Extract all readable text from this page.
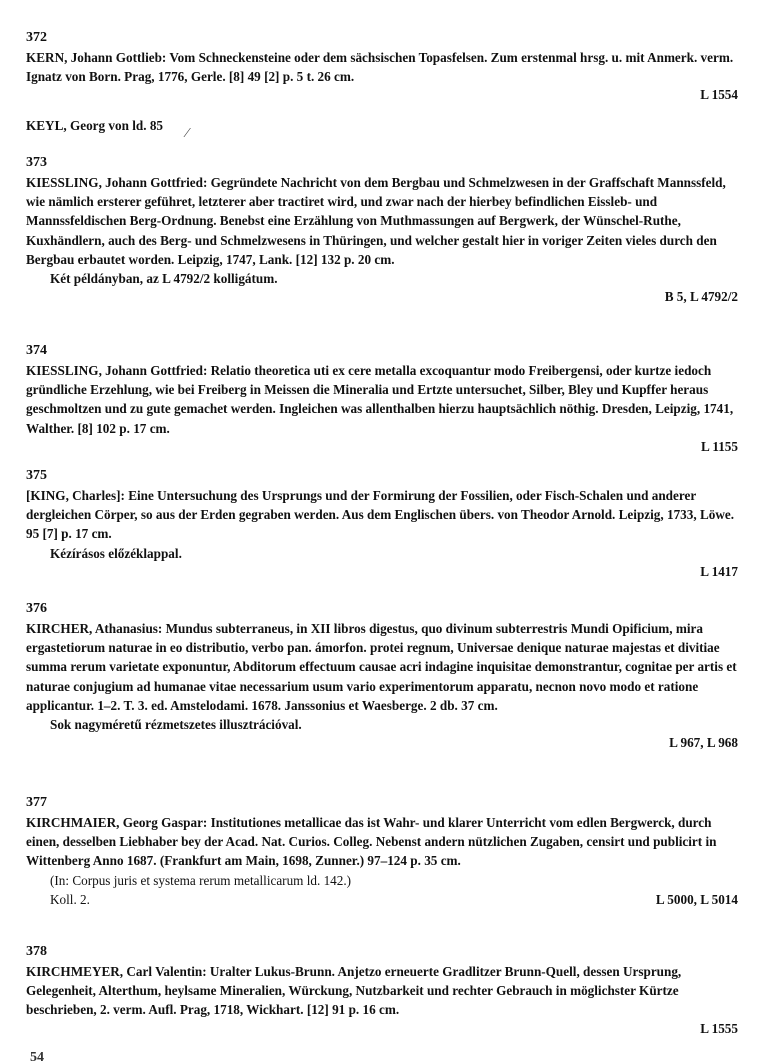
372

KERN, Johann Gottlieb: Vom Schneckensteine oder dem sächsischen Topasfelsen. Zum erstenmal hrsg. u. mit Anmerk. verm. Ignatz von Born. Prag, 1776, Gerle. [8] 49 [2] p. 5 t. 26 cm.

L 1554

KEYL, Georg von ld. 85
⁄

373

KIESSLING, Johann Gottfried: Gegründete Nachricht von dem Bergbau und Schmelzwesen in der Graffschaft Mannssfeld, wie nämlich ersterer geführet, letzterer aber tractiret wird, und zwar nach der hierbey befindlichen Eissleb- und Mannssfeldischen Berg-Ordnung. Benebst eine Erzählung von Muthmassungen auf Bergwerk, der Wünschel-Ruthe, Kuxhändlern, auch des Berg- und Schmelzwesens in Thüringen, und welcher gestalt hier in voriger Zeiten vieles durch den Bergbau erbautet worden. Leipzig, 1747, Lank. [12] 132 p. 20 cm.

Két példányban, az L 4792/2 kolligátum.

B 5, L 4792/2

374

KIESSLING, Johann Gottfried: Relatio theoretica uti ex cere metalla excoquantur modo Freibergensi, oder kurtze iedoch gründliche Erzehlung, wie bei Freiberg in Meissen die Mineralia und Ertzte untersuchet, Silber, Bley und Kupffer heraus geschmoltzen und zu gute gemachet werden. Ingleichen was allenthalben hierzu hauptsächlich nöthig. Dresden, Leipzig, 1741, Walther. [8] 102 p. 17 cm.

L 1155

375

[KING, Charles]: Eine Untersuchung des Ursprungs und der Formirung der Fossilien, oder Fisch-Schalen und anderer dergleichen Cörper, so aus der Erden gegraben werden. Aus dem Englischen übers. von Theodor Arnold. Leipzig, 1733, Löwe. 95 [7] p. 17 cm.

Kézírásos előzéklappal.

L 1417

376

KIRCHER, Athanasius: Mundus subterraneus, in XII libros digestus, quo divinum subterrestris Mundi Opificium, mira ergastetiorum naturae in eo distributio, verbo pan. ámorfon. protei regnum, Universae denique naturae majestas et divitiae summa rerum varietate exponuntur, Abditorum effectuum causae acri indagine inquisitae demonstrantur, cognitae per artis et naturae conjugium ad humanae vitae necessarium usum vario experimentorum apparatu, necnon novo modo et ratione applicantur. 1–2. T. 3. ed. Amstelodami. 1678. Janssonius et Waesberge. 2 db. 37 cm.

Sok nagyméretű rézmetszetes illusztrációval.

L 967, L 968

377

KIRCHMAIER, Georg Gaspar: Institutiones metallicae das ist Wahr- und klarer Unterricht vom edlen Bergwerck, durch einen, desselben Liebhaber bey der Acad. Nat. Curios. Colleg. Nebenst andern nützlichen Zugaben, censirt und publicirt in Wittenberg Anno 1687. (Frankfurt am Main, 1698, Zunner.) 97–124 p. 35 cm.

(In: Corpus juris et systema rerum metallicarum ld. 142.)

Koll. 2.	L 5000, L 5014

378

KIRCHMEYER, Carl Valentin: Uralter Lukus-Brunn. Anjetzo erneuerte Gradlitzer Brunn-Quell, dessen Ursprung, Gelegenheit, Alterthum, heylsame Mineralien, Würckung, Nutzbarkeit und rechter Gebrauch in möglichster Kürtze beschrieben, 2. verm. Aufl. Prag, 1718, Wickhart. [12] 91 p. 16 cm.

L 1555

54
